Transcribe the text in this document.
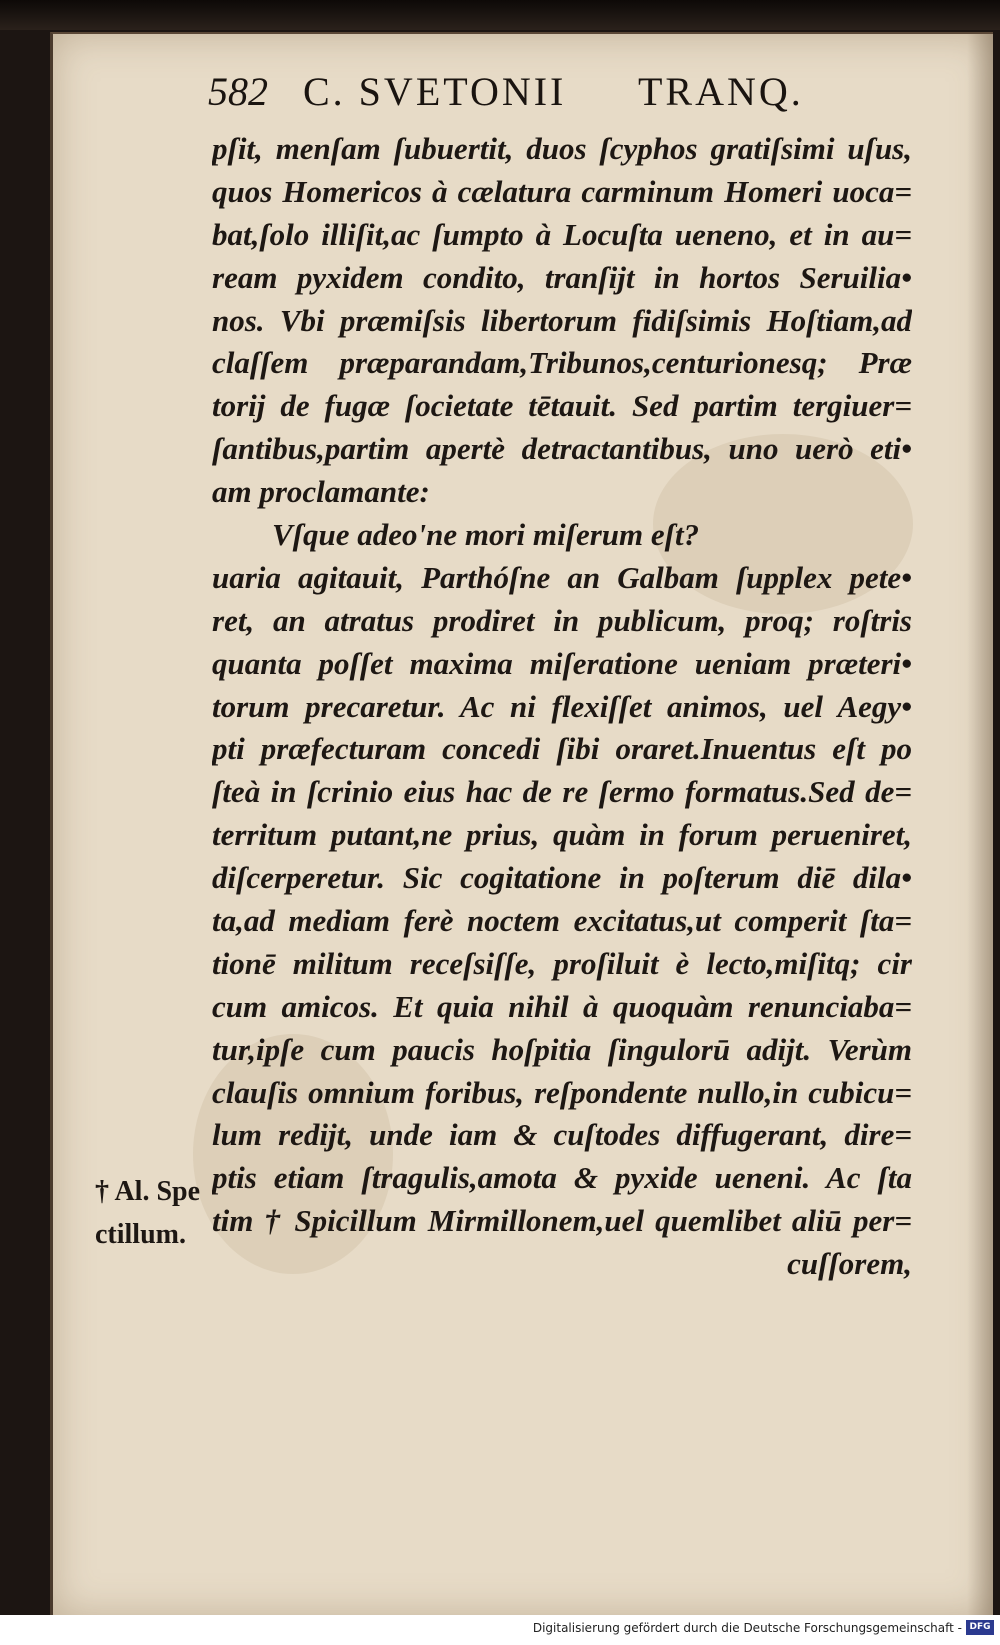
582 C. SVETONII TRANQ.
pſit, menſam ſubuertit, duos ſcyphos gratiſsimi uſus,
quos Homericos à cælatura carminum Homeri uoca=
bat,ſolo illiſit,ac ſumpto à Locuſta ueneno, et in au=
ream pyxidem condito, tranſijt in hortos Seruilia•
nos. Vbi præmiſsis libertorum fidiſsimis Hoſtiam,ad
claſſem præparandam,Tribunos,centurionesq; Præ
torij de fugæ ſocietate tētauit. Sed partim tergiuer=
ſantibus,partim apertè detractantibus, uno uerò eti•
am proclamante:
Vſque adeo'ne mori miſerum eſt?
uaria agitauit, Parthóſne an Galbam ſupplex pete•
ret, an atratus prodiret in publicum, proq; roſtris
quanta poſſet maxima miſeratione ueniam præteri•
torum precaretur. Ac ni flexiſſet animos, uel Aegy•
pti præfecturam concedi ſibi oraret.Inuentus eſt po
ſteà in ſcrinio eius hac de re ſermo formatus.Sed de=
territum putant,ne prius, quàm in forum perueniret,
diſcerperetur. Sic cogitatione in poſterum diē dila•
ta,ad mediam ferè noctem excitatus,ut comperit ſta=
tionē militum receſsiſſe, proſiluit è lecto,miſitq; cir
cum amicos. Et quia nihil à quoquàm renunciaba=
tur,ipſe cum paucis hoſpitia ſingulorū adijt. Verùm
clauſis omnium foribus, reſpondente nullo,in cubicu=
lum redijt, unde iam & cuſtodes diffugerant, dire=
ptis etiam ſtragulis,amota & pyxide ueneni. Ac ſta
tim † Spicillum Mirmillonem,uel quemlibet aliū per=
cuſſorem,
† Al. Spe
ctillum.
Digitalisierung gefördert durch die Deutsche Forschungsgemeinschaft - DFG
